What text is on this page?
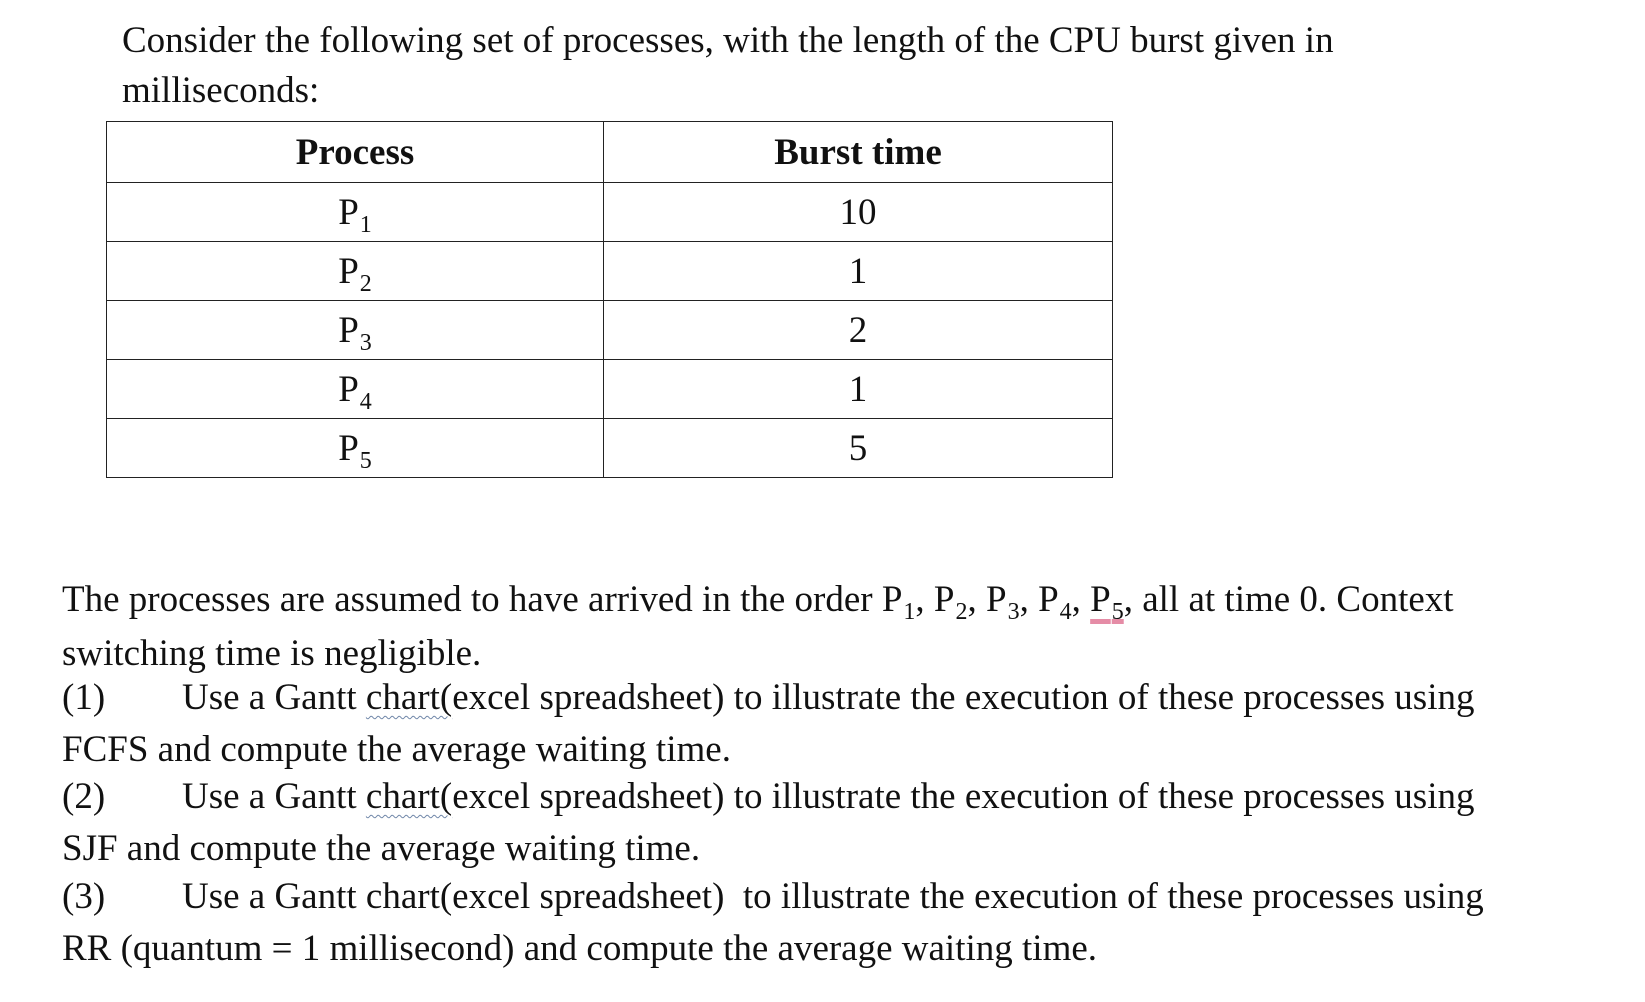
Consider the following set of processes, with the length of the CPU burst given in
milliseconds:
Process	Burst time
$P_1$	10
$P_2$	1
$P_3$	2
$P_4$	1
$P_5$	5
The processes are assumed to have arrived in the order $P_1$, $P_2$, $P_3$, $P_4$, $P_5$, all at time 0. Context
switching time is negligible.
(1) Use a Gantt chart(excel spreadsheet) to illustrate the execution of these processes using
FCFS and compute the average waiting time.
(2) Use a Gantt chart(excel spreadsheet) to illustrate the execution of these processes using
SJF and compute the average waiting time.
(3) Use a Gantt chart(excel spreadsheet)  to illustrate the execution of these processes using
RR (quantum = 1 millisecond) and compute the average waiting time.
